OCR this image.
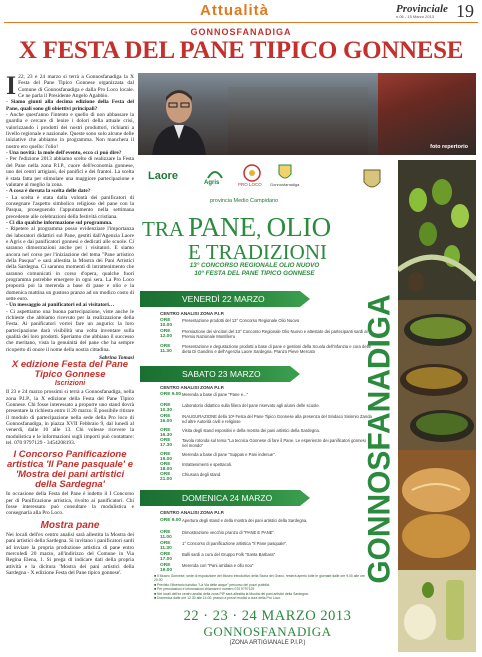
Attualità	Provinciale
n.06 - 15 Marzo 2013 19
GONNOSFANADIGA
X FESTA DEL PANE TIPICO GONNESE

I 22, 23 e 24 marzo si terrà a Gonnosfanadiga la X Festa del Pane Tipico Gonnese organizzata dal Comune di Gonnosfanadiga e dalla Pro Loco locale. Ce ne parla il Presidente Angelo Agabbio.

- Siamo giunti alla decima edizione della Festa del Pane, quali sono gli obiettivi principali?

- Anche quest'anno l'intento e quello di non abbassare la guardia e cercare di lenire i dolori della attuale crisi, valorizzando i prodotti dei nostri produttori, richiami a livello regionale e nazionale. Queste sono solo alcune delle iniziative che abbiamo in programma. Non manchera il nostro ero quello: l'olio!

- Una novità: la mole dell'evento, ecco ci può dire?

- Per l'edizione 2013 abbiamo scelto di realizzare la Festa del Pane nella zona P.I.P., cuore dell'economia gonnese, uno dei centri artigiani, dei panifici e dei frantoi. La scelta è stata fatta per stimolare una maggiore partecipazione e valutare al meglio la zona.

- A cosa è dovuta la scelta delle date?

- La scelta è stata dalla volontà dei panificatori di consegnare l'aspetto simbolico religioso del pane con la Pasqua, proseguendo l'appuntamento nella settimana precedente alle celebrazioni della festività cristiana.

- Ci dia qualche informazione sul programma.

- Ripetere al programma posso evidenziare l'importanza dei laboratori didattici sul Pane, gestiti dall'Agenzia Laore e Agris e dai panificatori gonnesi e dedicati alle scuole. Ci saranno dimostrazioni anche per i visitatori. E siamo ancora nel corso per l'iniziazione del tema "Pane artistico della Pasqua" e sarà allestita la Mostra dei Pani Artistici della Sardegna. Ci saranno momenti di intrattenimento che saranno comunicati in corso d'opera, qualche fuori programma potrebbe emergere in ogni sera. La Pro Loco proporrà poi la merenda a base di pane e olio e la domenica mattina un gustoso pranzo ad un modico costo di sette euro.

- Un messaggio ai panificatori ed ai visitatori…

- Ci aspettiamo una buona partecipazione, viste anche le richieste che abbiamo ricevuto per la realizzazione della Festa. Ai panificatori vorrei fare un augurio: la loro partecipazione darà visibilità una volta inventare sulla qualità dei loro prodotti. Speriamo che abbiano il successo che meritano, vista la genuinità del pane che ha sempre ricoperto di onore il nome della nostra cittadina.

Sabrina Tomasi
X edizione Festa del Pane Tipico Gonnese
Iscrizioni

Il 23 e 24 marzo prossimi si terrà a Gonnosfanadiga, nella zona P.I.P., la X edizione della Festa del Pane Tipico Gonnese. Chi fosse interessato a proporre uno stand dovrà presentare la richiesta entro il 20 marzo. È possibile ritirare il modulo di partecipazione nella sede della Pro loco di Gonnosfanadiga, in piazza XVII Febbraio 9, dal lunedì al venerdì, dalle 10 alle 13. Chi volesse ricevere la modulistica e le informazioni sugli importi può contattare: tel. 070 9797129 - 3454208193.

I Concorso Panificazione artistica 'Il Pane pasquale' e 'Mostra dei pani artistici della Sardegna'

In occasione della Festa del Pane è indetto il I Concorso per di Panificazione artistica, rivolto ai panificatori. Chi fosse interessato può consultare la modulistica e consegnarla alla Pro Loco.

Mostra pane

Nei locali dell'ex centro analisi sarà allestita la Mostra dei pani artistici della Sardegna. Si invitano i panificatori sardi ad inviare la propria produzione artistica di pane entro mercoledì 20 marzo, all'indirizzo del Comune in Via Regina Elena, 1. Si prega di indicare dati della propria attività e la dicitura 'Mostra dei pani artistici della Sardegna - X edizione Festa del Pane tipico gonnese'.

foto repertorio
Laore
Agris	PRO LOCO Gonnosfanadiga
provincia Medio Campidano
TRA PANE, OLIO
E TRADIZIONI
13° CONCORSO REGIONALE OLIO NUOVO
10° FESTA DEL PANE TIPICO GONNESE
GONNOSFANADIGA
VENERDÌ 22 MARZO
CENTRO ANALISI ZONA P.I.P.
ORE 10.00
Presentazione prodotti del 13° Concorso Regionale Olio Nuovo
ORE 12.00
Premiazione dei vincitori del 13° Concorso Regionale Olio Nuovo e attestato dei partecipanti sardi al Premio Nazionale Montiferru
ORE 11.30
Presentazione e degustazione prodotti a base di pane e gestioni della Scuola dell'infanzia e cura delle dieta Di Gandino e dell'Agenzia Laore Sardegna. Pranzo Pieve Mercato
SABATO 23 MARZO
CENTRO ANALISI ZONA P.I.P.
ORE 9.00 Merenda a base di pane "Pane e..."
ORE 10.30
Laboratorio didattico sulla filiera del pane riservato agli alunni delle scuole.
ORE 16.00
INAUGURAZIONE della 10ª Festa del Pane Tipico Gonnese alla presenza del Sindaco Sisinnio Zanda ed altre Autorità civili e religiose
ORE 16.30
Visita degli stand espositivi e della mostra dei pani artistici della Sardegna.
ORE 17.30
Tavola rotonda sul tema "La tecnica Gonnese di fare il Pane. Le esperienze dei panificatori gonnesi nel mondo"
ORE 19.00
Merenda a base di pane "Suppas e Pani indenue".
ORE 18.00
Intrattenimenti e spettacoli.
ORE 21.00
Chiusura degli stand.
DOMENICA 24 MARZO
CENTRO ANALISI ZONA P.I.P.
ORE 9.00 Apertura degli stand e della mostra dei pani artistici della Sardegna.
ORE 11.00
Dimostrazione vecchio pranzo di "PANE E PANE".
ORE 11.30
1° Concorso di panificazione artistica "Il Pane pasquale".
ORE 17.00
Balli sardi a cura del Gruppo Folk "Santa Barbara"
ORE 19.00
Merenda con "Pani arridaia e ollu nou"
■ Il Museo Gonnese, sede di esposizione del Museo introduttivo della Storia del Grano, resterà aperto tutte le giornate dalle ore 9.00 alle ore 20.00
■ Previsto l'itinerario turistico "La Via delle acque" percorso dei pozzi pubblici.
■ Per prenotazioni e informazioni chiamare il numero 070 9797129
■ Nei locali dell'ex centro analisi della zona PIP sarà allestita la Mostra dei pani artistici della Sardegna.
■ Domenica dalle ore 12.30 alle 14.00: pranzo a prezzi modici a cura della Pro Loco.
22 · 23 · 24 MARZO 2013
GONNOSFANADIGA
(ZONA ARTIGIANALE P.I.P.)
